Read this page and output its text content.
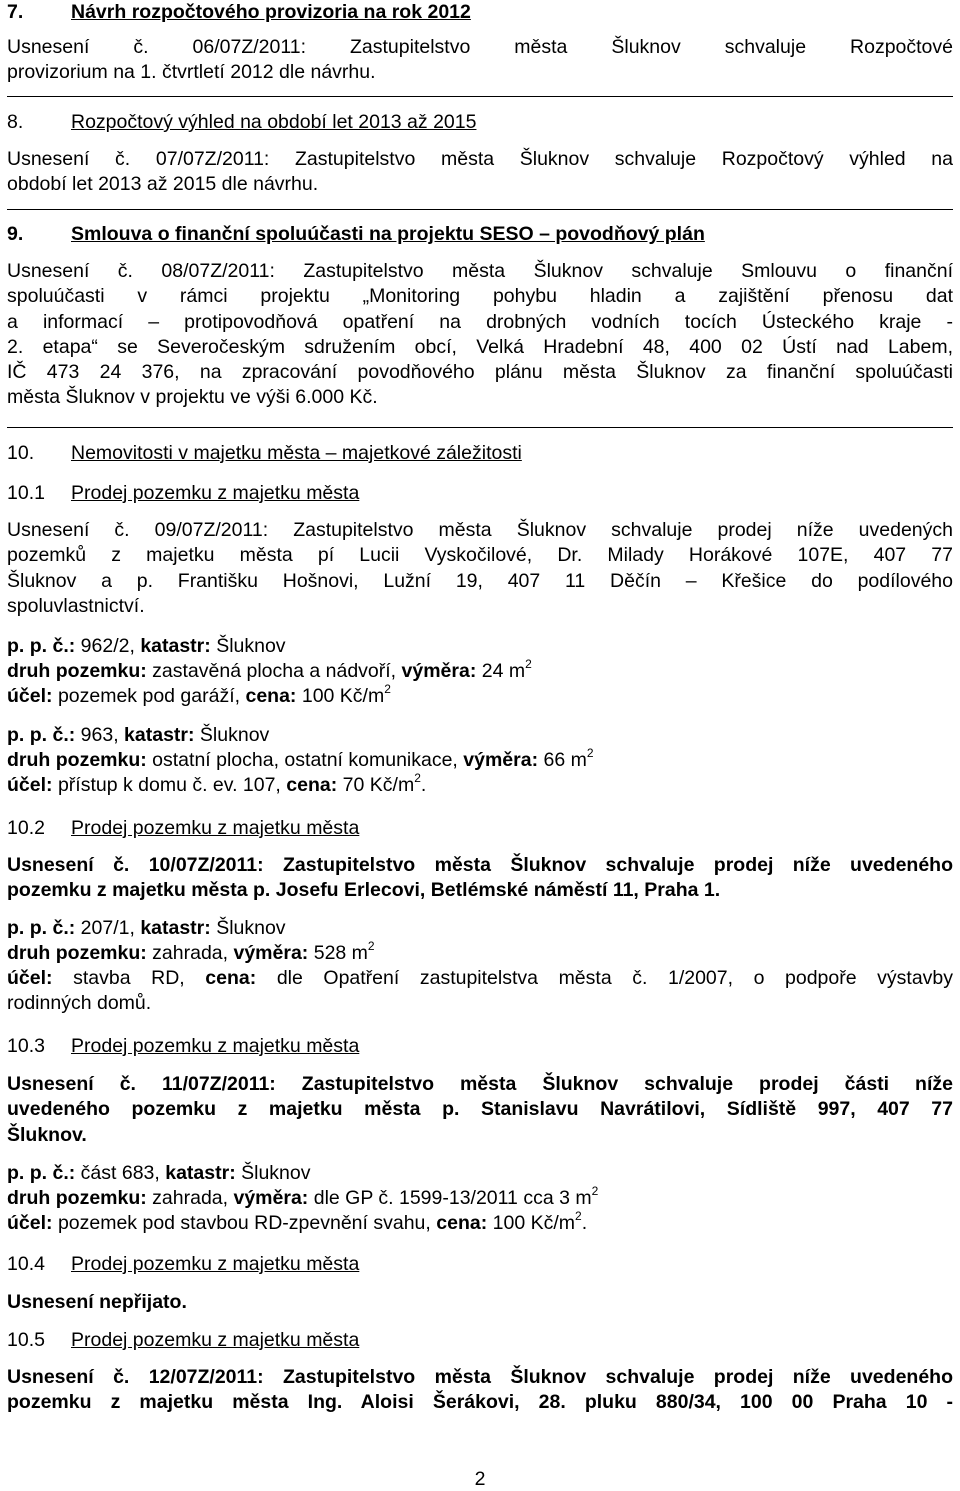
7. Návrh rozpočtového provizoria na rok 2012
Usnesení č. 06/07Z/2011: Zastupitelstvo města Šluknov schvaluje Rozpočtové
provizorium na 1. čtvrtletí 2012 dle návrhu.
8. Rozpočtový výhled na období let 2013 až 2015
Usnesení č. 07/07Z/2011: Zastupitelstvo města Šluknov schvaluje Rozpočtový výhled na
období let 2013 až 2015 dle návrhu.
9. Smlouva o finanční spoluúčasti na projektu SESO – povodňový plán
Usnesení č. 08/07Z/2011: Zastupitelstvo města Šluknov schvaluje Smlouvu o finanční
spoluúčasti v rámci projektu „Monitoring pohybu hladin a zajištění přenosu dat
a informací – protipovodňová opatření na drobných vodních tocích Ústeckého kraje -
2. etapa“ se Severočeským sdružením obcí, Velká Hradební 48, 400 02 Ústí nad Labem,
IČ 473 24 376, na zpracování povodňového plánu města Šluknov za finanční spoluúčasti
města Šluknov v projektu ve výši 6.000 Kč.
10. Nemovitosti v majetku města – majetkové záležitosti
10.1 Prodej pozemku z majetku města
Usnesení č. 09/07Z/2011: Zastupitelstvo města Šluknov schvaluje prodej níže uvedených
pozemků z majetku města pí Lucii Vyskočilové, Dr. Milady Horákové 107E, 407 77
Šluknov a p. Františku Hošnovi, Lužní 19, 407 11 Děčín – Křešice do podílového
spoluvlastnictví.
p. p. č.: 962/2, katastr: Šluknov
druh pozemku: zastavěná plocha a nádvoří, výměra: 24 $m^2$
účel: pozemek pod garáží, cena: 100 $Kč/m^2$
p. p. č.: 963, katastr: Šluknov
druh pozemku: ostatní plocha, ostatní komunikace, výměra: 66 $m^2$
účel: přístup k domu č. ev. 107, cena: 70 $Kč/m^2$.
10.2 Prodej pozemku z majetku města
Usnesení č. 10/07Z/2011: Zastupitelstvo města Šluknov schvaluje prodej níže uvedeného
pozemku z majetku města p. Josefu Erlecovi, Betlémské náměstí 11, Praha 1.
p. p. č.: 207/1, katastr: Šluknov
druh pozemku: zahrada, výměra: 528 $m^2$
účel: stavba RD, cena: dle Opatření zastupitelstva města č. 1/2007, o podpoře výstavby
rodinných domů.
10.3 Prodej pozemku z majetku města
Usnesení č. 11/07Z/2011: Zastupitelstvo města Šluknov schvaluje prodej části níže
uvedeného pozemku z majetku města p. Stanislavu Navrátilovi, Sídliště 997, 407 77
Šluknov.
p. p. č.: část 683, katastr: Šluknov
druh pozemku: zahrada, výměra: dle GP č. 1599-13/2011 cca 3 $m^2$
účel: pozemek pod stavbou RD-zpevnění svahu, cena: 100 $Kč/m^2$.
10.4 Prodej pozemku z majetku města
Usnesení nepřijato.
10.5 Prodej pozemku z majetku města
Usnesení č. 12/07Z/2011: Zastupitelstvo města Šluknov schvaluje prodej níže uvedeného
pozemku z majetku města Ing. Aloisi Šerákovi, 28. pluku 880/34, 100 00 Praha 10 -
2
